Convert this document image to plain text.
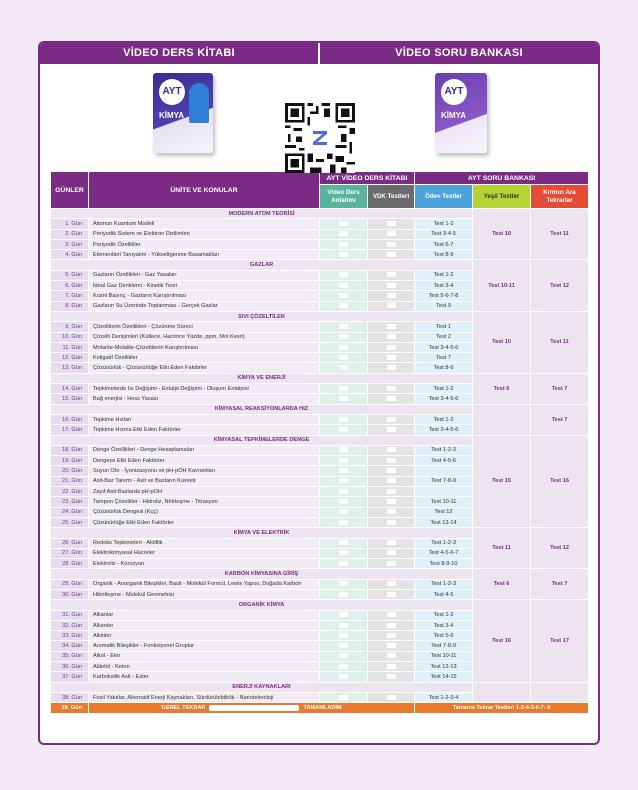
VİDEO DERS KİTABI	VİDEO SORU BANKASI
AYT
KİMYA
AYT
KİMYA
GÜNLER	ÜNİTE VE KONULAR	AYT VİDEO DERS KİTABI		AYT SORU BANKASI		
		Video Ders Anlatımı	VDK Testleri	Ödev Testler	Yeşil Testler	Kırmızı Ara Tekrarlar
MODERN ATOM TEORİSİ					Test 10	Test 11
1. Gün	Atomun Kuantum Modeli			Test 1-2		
2. Gün	Periyodik Sistem ve Elektron Dizilimleri			Test 3-4-5		
3. Gün	Periyodik Özellikler			Test 6-7		
4. Gün	Elementleri Tanıyalım - Yükseltgenme Basamakları			Test 8-9		
GAZLAR					Test 10-11	Test 12
5. Gün	Gazların Özellikleri - Gaz Yasaları			Test 1-2		
6. Gün	İdeal Gaz Denklemi - Kinetik Teori			Test 3-4		
7. Gün	Kısmi Basınç - Gazların Karıştırılması			Test 5-6-7-8		
8. Gün	Gazların Su Üzerinde Toplanması - Gerçek Gazlar			Test 9		
SIVI ÇÖZELTİLER					Test 10	Test 11
9. Gün	Çözeltilerin Özellikleri - Çözünme Süreci			Test 1		
10. Gün	Çözelti Derişimleri (Kütlece, Hacimce Yüzde, ppm, Mol Kesri)			Test 2		
11. Gün	Molarite-Molalite-Çözeltilerin Karıştırılması			Test 3-4-5-6		
12. Gün	Koligatif Özellikler			Test 7		
13. Gün	Çözünürlük - Çözünürlüğe Etki Eden Faktörler			Test 8-9		
KİMYA VE ENERJİ					Test 6	Test 7
14. Gün	Tepkimelerde Isı Değişimi - Entalpi Değişimi - Oluşum Entalpisi			Test 1-2		
15. Gün	Bağ enerjisi - Hess Yasası			Test 3-4-5-6		
KİMYASAL REAKSİYONLARDA HIZ						Test 7
16. Gün	Tepkime Hızları			Test 1-2		
17. Gün	Tepkime Hızına Etki Eden Faktörler			Test 3-4-5-6		
KİMYASAL TEPKİMELERDE DENGE					Test 15	Test 16
18. Gün	Denge Özellikleri - Denge Hesaplamaları			Test 1-2-3		
19. Gün	Dengeye Etki Eden Faktörler			Test 4-5-6		
20. Gün	Suyun Oto - İyonizasyonu ve pH-pOH Kavramları					
21. Gün	Asit-Baz Tanımı - Asit ve Bazların Kuvveti			Test 7-8-9		
22. Gün	Zayıf Asit-Bazlarda pH-pOH					
23. Gün	Tampon Çözeltiler - Hidroliz, Nötrleşme - Titrasyon			Test 10-11		
24. Gün	Çözünürlük Dengesi (Kçç)			Test 12		
25. Gün	Çözünürlüğe Etki Eden Faktörler			Test 13-14		
KİMYA VE ELEKTRİK					Test 11	Test 12
26. Gün	Redoks Tepkimeleri - Aktiflik			Test 1-2-3		
27. Gün	Elektrokimyasal Hücreler			Test 4-5-6-7		
28. Gün	Elektroliz - Korozyon			Test 8-9-10		
KARBON KİMYASINA GİRİŞ					Test 6	Test 7
29. Gün	Organik - Anorganik Bileşikler, Basit - Molekül Formül, Lewis Yapısı, Doğada Karbon			Test 1-2-3		
30. Gün	Hibritleşme - Molekül Geometrisi			Test 4-5		
ORGANİK KİMYA					Test 16	Test 17
31. Gün	Alkanlar			Test 1-2		
32. Gün	Alkenler			Test 3-4		
33. Gün	Alkinler			Test 5-6		
34. Gün	Aromatik Bileşikler - Fonksiyonel Gruplar			Test 7-8-9		
35. Gün	Alkol - Eter			Test 10-11		
36. Gün	Aldehit - Keton			Test 12-13		
37. Gün	Karboksilik Asit - Ester			Test 14-15		
ENERJİ KAYNAKLARI						
38. Gün	Fosil Yakıtlar, Alternatif Enerji Kaynakları, Sürdürülebilirlik - Nanoteknoloji			Test 1-2-3-4		
39. Gün	GENEL TEKRAR TAMAMLADIM			Tamama Tekrar Testleri 1-2-4-5-6-7- 8		
